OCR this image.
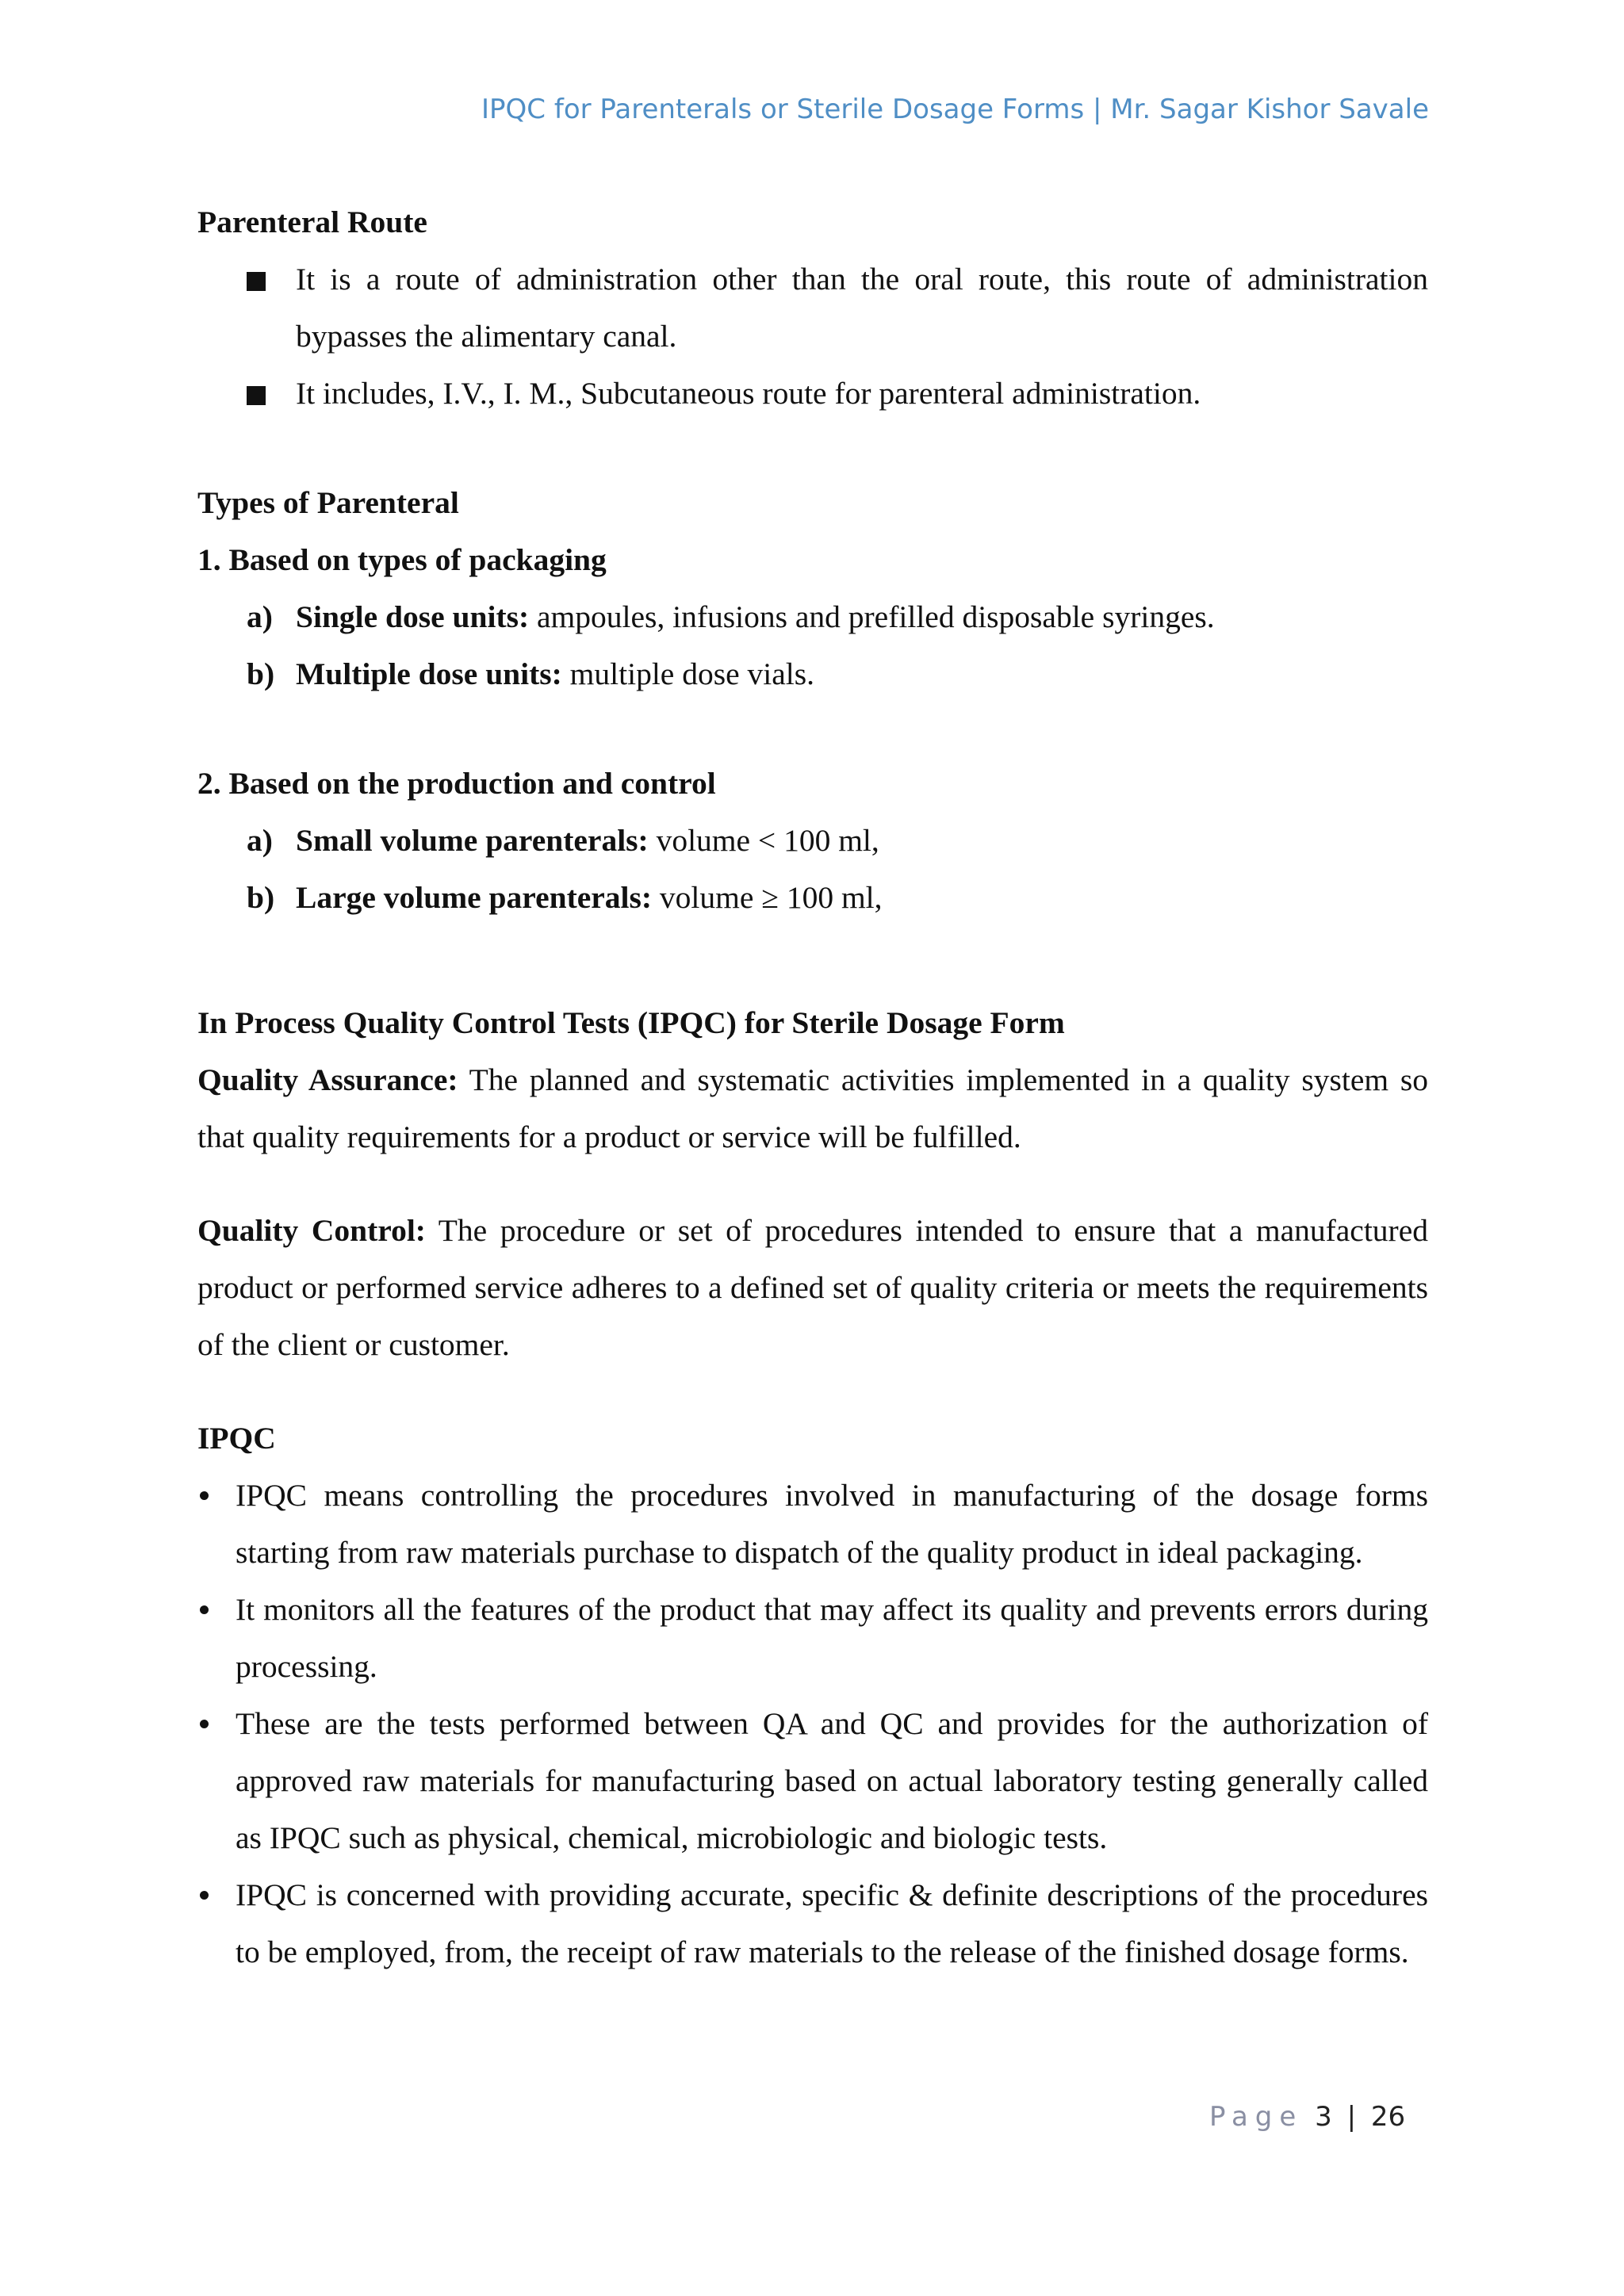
IPQC for Parenterals or Sterile Dosage Forms | Mr. Sagar Kishor Savale
Parenteral Route
It is a route of administration other than the oral route, this route of administration bypasses the alimentary canal.
It includes, I.V., I. M., Subcutaneous route for parenteral administration.
Types of Parenteral
1. Based on types of packaging
a) Single dose units: ampoules, infusions and prefilled disposable syringes.
b) Multiple dose units: multiple dose vials.
2. Based on the production and control
a) Small volume parenterals: volume < 100 ml,
b) Large volume parenterals: volume ≥ 100 ml,
In Process Quality Control Tests (IPQC) for Sterile Dosage Form
Quality Assurance: The planned and systematic activities implemented in a quality system so that quality requirements for a product or service will be fulfilled.
Quality Control: The procedure or set of procedures intended to ensure that a manufactured product or performed service adheres to a defined set of quality criteria or meets the requirements of the client or customer.
IPQC
IPQC means controlling the procedures involved in manufacturing of the dosage forms starting from raw materials purchase to dispatch of the quality product in ideal packaging.
It monitors all the features of the product that may affect its quality and prevents errors during processing.
These are the tests performed between QA and QC and provides for the authorization of approved raw materials for manufacturing based on actual laboratory testing generally called as IPQC such as physical, chemical, microbiologic and biologic tests.
IPQC is concerned with providing accurate, specific & definite descriptions of the procedures to be employed, from, the receipt of raw materials to the release of the finished dosage forms.
Page 3 | 26
